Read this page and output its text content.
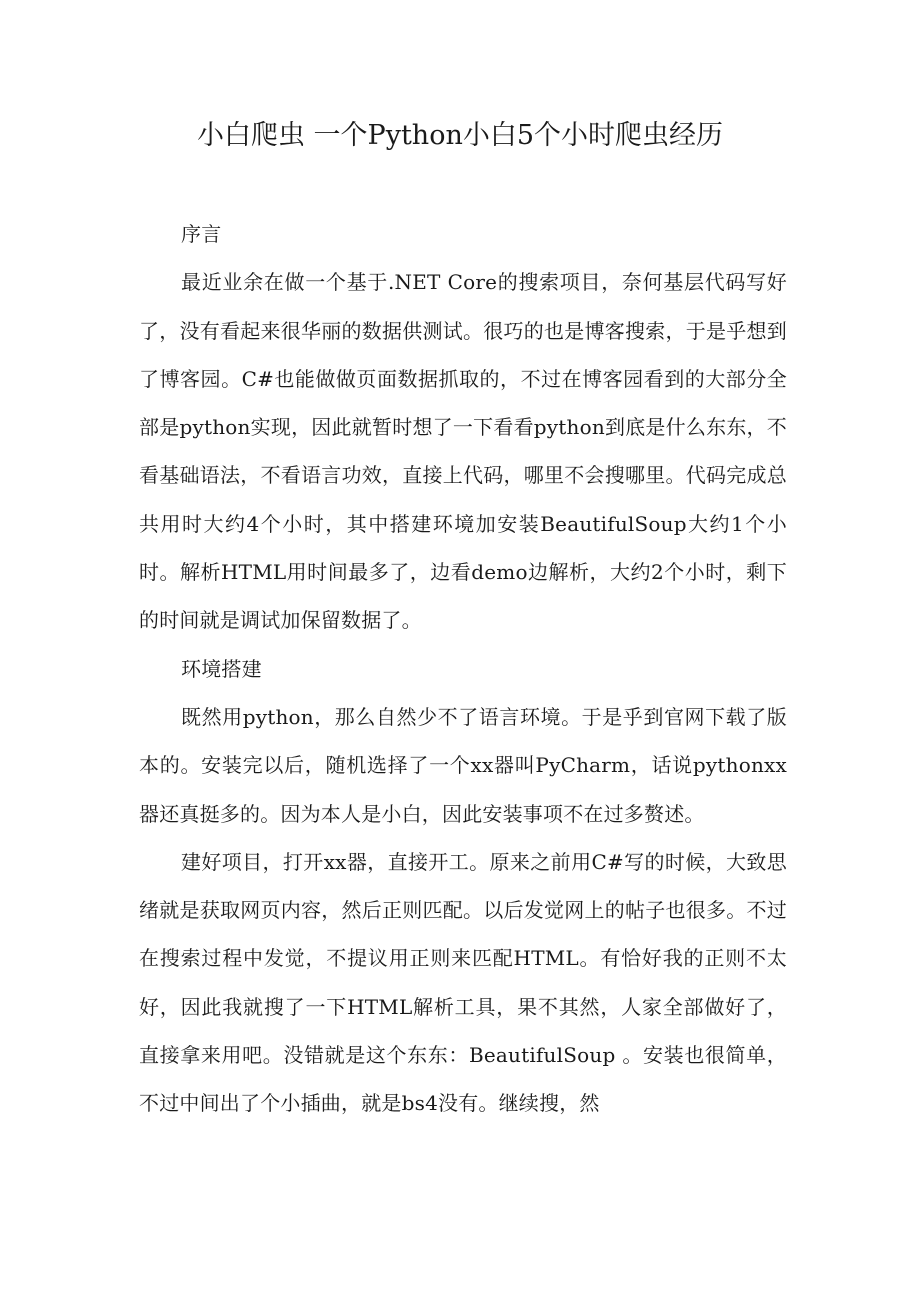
小白爬虫 一个Python小白5个小时爬虫经历

序言

最近业余在做一个基于.NET Core的搜索项目，奈何基层代码写好了，没有看起来很华丽的数据供测试。很巧的也是博客搜索，于是乎想到了博客园。C#也能做做页面数据抓取的，不过在博客园看到的大部分全部是python实现，因此就暂时想了一下看看python到底是什么东东，不看基础语法，不看语言功效，直接上代码，哪里不会搜哪里。代码完成总共用时大约4个小时，其中搭建环境加安装BeautifulSoup大约1个小时。解析HTML用时间最多了，边看demo边解析，大约2个小时，剩下的时间就是调试加保留数据了。

环境搭建

既然用python，那么自然少不了语言环境。于是乎到官网下载了版本的。安装完以后，随机选择了一个xx器叫PyCharm，话说pythonxx器还真挺多的。因为本人是小白，因此安装事项不在过多赘述。

建好项目，打开xx器，直接开工。原来之前用C#写的时候，大致思绪就是获取网页内容，然后正则匹配。以后发觉网上的帖子也很多。不过在搜索过程中发觉，不提议用正则来匹配HTML。有恰好我的正则不太好，因此我就搜了一下HTML解析工具，果不其然，人家全部做好了，直接拿来用吧。没错就是这个东东：BeautifulSoup 。安装也很简单，不过中间出了个小插曲，就是bs4没有。继续搜，然
